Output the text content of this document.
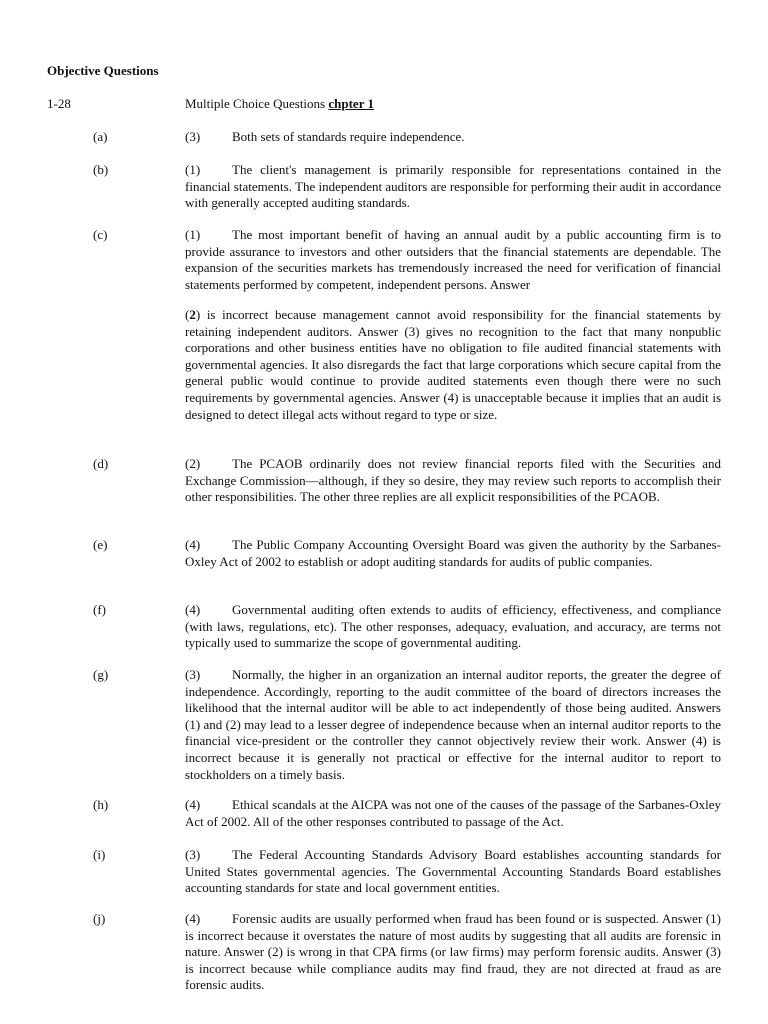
Objective Questions
1-28	Multiple Choice Questions chpter 1
(a)	(3) Both sets of standards require independence.
(b)	(1) The client's management is primarily responsible for representations contained in the financial statements. The independent auditors are responsible for performing their audit in accordance with generally accepted auditing standards.
(c)	(1) The most important benefit of having an annual audit by a public accounting firm is to provide assurance to investors and other outsiders that the financial statements are dependable. The expansion of the securities markets has tremendously increased the need for verification of financial statements performed by competent, independent persons. Answer
(2) is incorrect because management cannot avoid responsibility for the financial statements by retaining independent auditors. Answer (3) gives no recognition to the fact that many nonpublic corporations and other business entities have no obligation to file audited financial statements with governmental agencies. It also disregards the fact that large corporations which secure capital from the general public would continue to provide audited statements even though there were no such requirements by governmental agencies. Answer (4) is unacceptable because it implies that an audit is designed to detect illegal acts without regard to type or size.
(d)	(2) The PCAOB ordinarily does not review financial reports filed with the Securities and Exchange Commission—although, if they so desire, they may review such reports to accomplish their other responsibilities. The other three replies are all explicit responsibilities of the PCAOB.
(e)	(4) The Public Company Accounting Oversight Board was given the authority by the Sarbanes-Oxley Act of 2002 to establish or adopt auditing standards for audits of public companies.
(f)	(4) Governmental auditing often extends to audits of efficiency, effectiveness, and compliance (with laws, regulations, etc). The other responses, adequacy, evaluation, and accuracy, are terms not typically used to summarize the scope of governmental auditing.
(g)	(3) Normally, the higher in an organization an internal auditor reports, the greater the degree of independence. Accordingly, reporting to the audit committee of the board of directors increases the likelihood that the internal auditor will be able to act independently of those being audited. Answers (1) and (2) may lead to a lesser degree of independence because when an internal auditor reports to the financial vice-president or the controller they cannot objectively review their work. Answer (4) is incorrect because it is generally not practical or effective for the internal auditor to report to stockholders on a timely basis.
(h)	(4) Ethical scandals at the AICPA was not one of the causes of the passage of the Sarbanes-Oxley Act of 2002. All of the other responses contributed to passage of the Act.
(i)	(3) The Federal Accounting Standards Advisory Board establishes accounting standards for United States governmental agencies. The Governmental Accounting Standards Board establishes accounting standards for state and local government entities.
(j)	(4) Forensic audits are usually performed when fraud has been found or is suspected. Answer (1) is incorrect because it overstates the nature of most audits by suggesting that all audits are forensic in nature. Answer (2) is wrong in that CPA firms (or law firms) may perform forensic audits. Answer (3) is incorrect because while compliance audits may find fraud, they are not directed at fraud as are forensic audits.
